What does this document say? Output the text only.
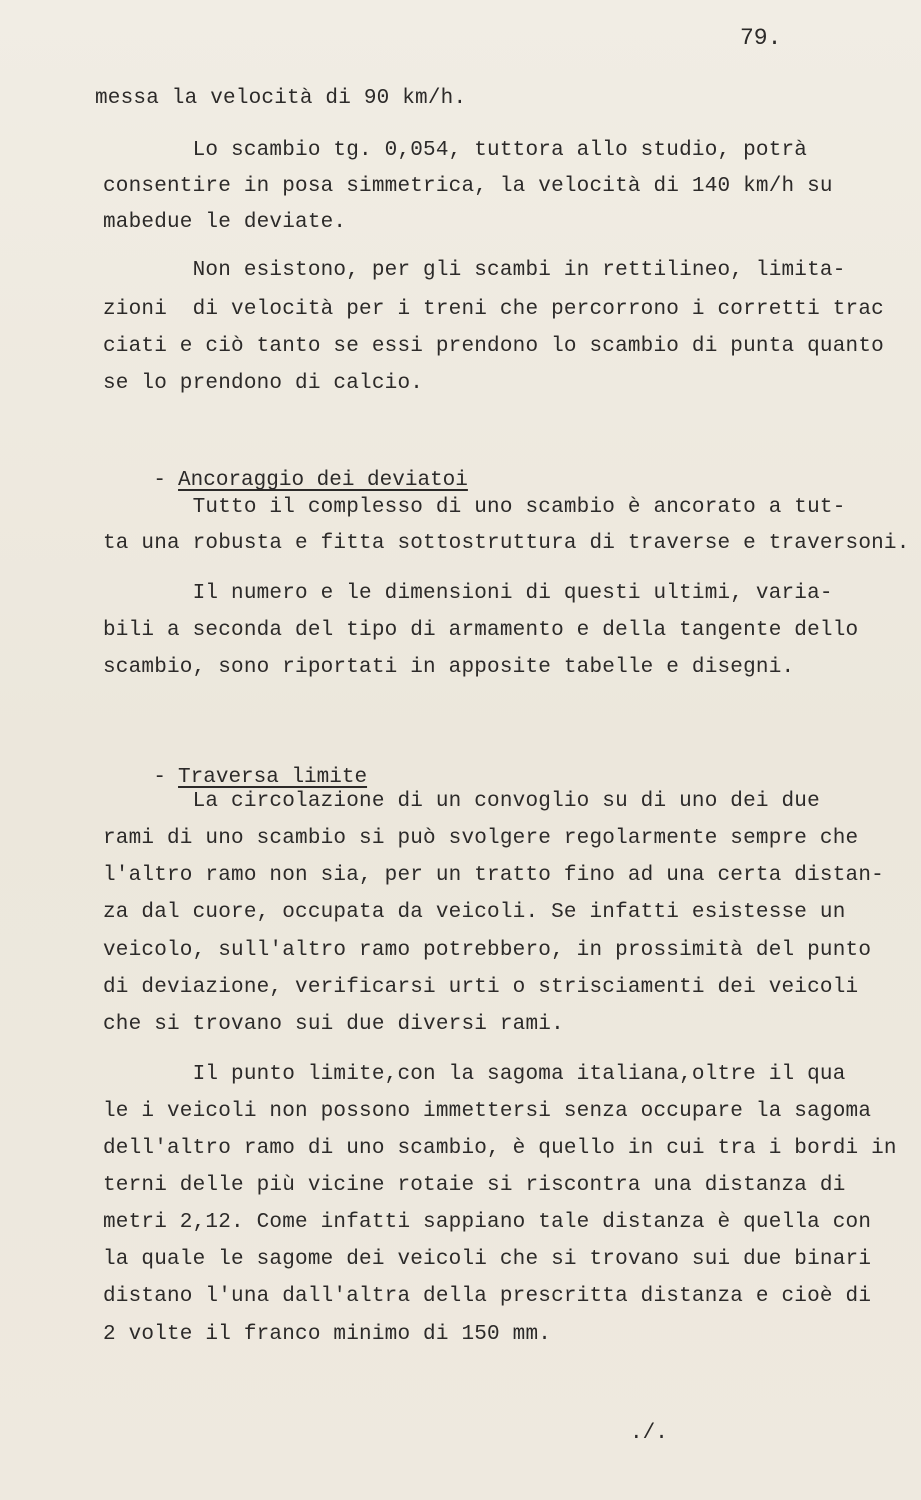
79.
messa la velocità di 90 km/h.
Lo scambio tg. 0,054, tuttora allo studio, potrà
consentire in posa simmetrica, la velocità di 140 km/h su
mabedue le deviate.
Non esistono, per gli scambi in rettilineo, limita-
zioni  di velocità per i treni che percorrono i corretti trac
ciati e ciò tanto se essi prendono lo scambio di punta quanto
se lo prendono di calcio.

- Ancoraggio dei deviatoi

Tutto il complesso di uno scambio è ancorato a tut-
ta una robusta e fitta sottostruttura di traverse e traversoni.
Il numero e le dimensioni di questi ultimi, varia-
bili a seconda del tipo di armamento e della tangente dello
scambio, sono riportati in apposite tabelle e disegni.

- Traversa limite

La circolazione di un convoglio su di uno dei due
rami di uno scambio si può svolgere regolarmente sempre che
l'altro ramo non sia, per un tratto fino ad una certa distan-
za dal cuore, occupata da veicoli. Se infatti esistesse un
veicolo, sull'altro ramo potrebbero, in prossimità del punto
di deviazione, verificarsi urti o strisciamenti dei veicoli
che si trovano sui due diversi rami.
Il punto limite,con la sagoma italiana,oltre il qua
le i veicoli non possono immettersi senza occupare la sagoma
dell'altro ramo di uno scambio, è quello in cui tra i bordi in
terni delle più vicine rotaie si riscontra una distanza di
metri 2,12. Come infatti sappiano tale distanza è quella con
la quale le sagome dei veicoli che si trovano sui due binari
distano l'una dall'altra della prescritta distanza e cioè di
2 volte il franco minimo di 150 mm.
./.
